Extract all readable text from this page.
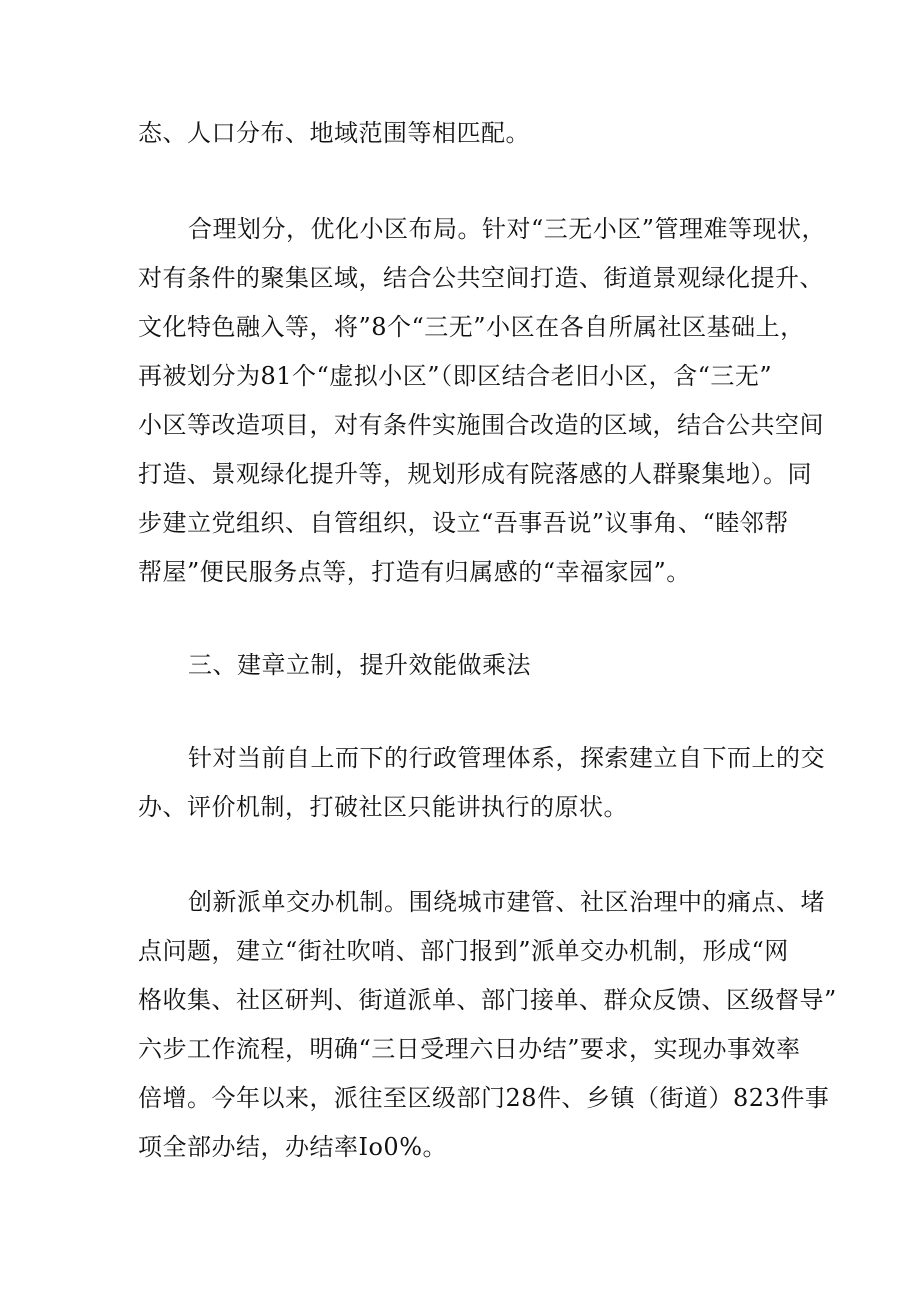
态、人口分布、地域范围等相匹配。
合理划分，优化小区布局。针对“三无小区”管理难等现状，
对有条件的聚集区域，结合公共空间打造、街道景观绿化提升、
文化特色融入等，将”8个“三无”小区在各自所属社区基础上，
再被划分为81个“虚拟小区”（即区结合老旧小区，含“三无”
小区等改造项目，对有条件实施围合改造的区域，结合公共空间
打造、景观绿化提升等，规划形成有院落感的人群聚集地）。同
步建立党组织、自管组织，设立“吾事吾说”议事角、“睦邻帮
帮屋”便民服务点等，打造有归属感的“幸福家园”。
三、建章立制，提升效能做乘法
针对当前自上而下的行政管理体系，探索建立自下而上的交
办、评价机制，打破社区只能讲执行的原状。
创新派单交办机制。围绕城市建管、社区治理中的痛点、堵
点问题，建立“街社吹哨、部门报到”派单交办机制，形成“网
格收集、社区研判、街道派单、部门接单、群众反馈、区级督导”
六步工作流程，明确“三日受理六日办结”要求，实现办事效率
倍增。今年以来，派往至区级部门28件、乡镇（街道）823件事
项全部办结，办结率Io0%。
